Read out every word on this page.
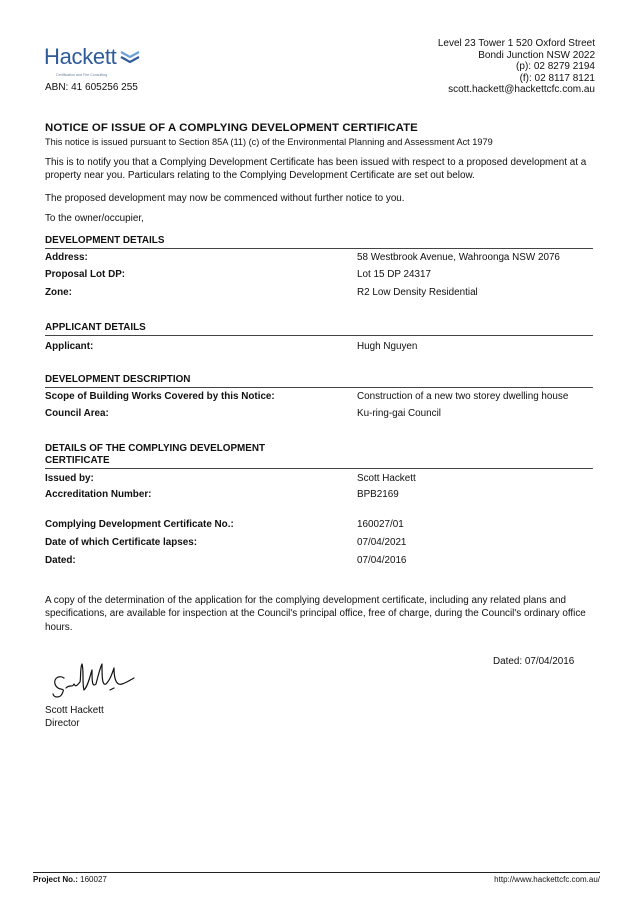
Hackett
Certification and Fire Consulting
ABN: 41 605256 255
Level 23 Tower 1 520 Oxford Street
Bondi Junction NSW 2022
(p): 02 8279 2194
(f): 02 8117 8121
scott.hackett@hackettcfc.com.au
NOTICE OF ISSUE OF A COMPLYING DEVELOPMENT CERTIFICATE
This notice is issued pursuant to Section 85A (11) (c) of the Environmental Planning and Assessment Act 1979
This is to notify you that a Complying Development Certificate has been issued with respect to a proposed development at a property near you. Particulars relating to the Complying Development Certificate are set out below.
The proposed development may now be commenced without further notice to you.
To the owner/occupier,
DEVELOPMENT DETAILS
Address:	58 Westbrook Avenue, Wahroonga NSW 2076
Proposal Lot DP:	Lot 15 DP 24317
Zone:	R2 Low Density Residential
APPLICANT DETAILS
Applicant:	Hugh Nguyen
DEVELOPMENT DESCRIPTION
Scope of Building Works Covered by this Notice:	Construction of a new two storey dwelling house
Council Area:	Ku-ring-gai Council
DETAILS OF THE COMPLYING DEVELOPMENT
CERTIFICATE
Issued by:	Scott Hackett
Accreditation Number:	BPB2169
Complying Development Certificate No.:	160027/01
Date of which Certificate lapses:	07/04/2021
Dated:	07/04/2016
A copy of the determination of the application for the complying development certificate, including any related plans and specifications, are available for inspection at the Council's principal office, free of charge, during the Council's ordinary office hours.
Dated: 07/04/2016
Scott Hackett
Director
Project No.: 160027	http://www.hackettcfc.com.au/
